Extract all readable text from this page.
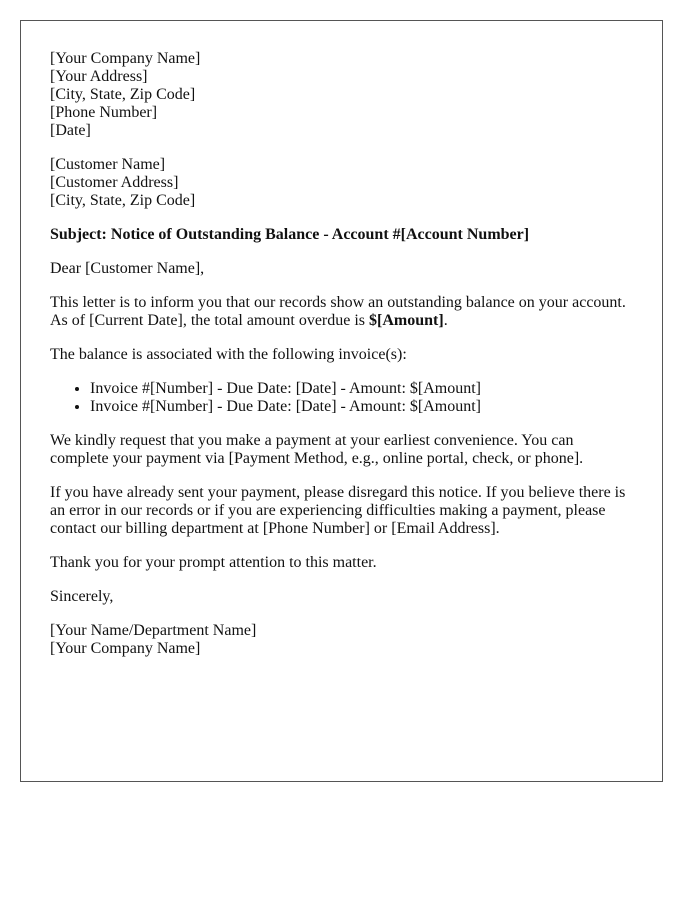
[Your Company Name]
[Your Address]
[City, State, Zip Code]
[Phone Number]
[Date]

[Customer Name]
[Customer Address]
[City, State, Zip Code]

Subject: Notice of Outstanding Balance - Account #[Account Number]

Dear [Customer Name],

This letter is to inform you that our records show an outstanding balance on your account. As of [Current Date], the total amount overdue is $[Amount].

The balance is associated with the following invoice(s):

• Invoice #[Number] - Due Date: [Date] - Amount: $[Amount]
• Invoice #[Number] - Due Date: [Date] - Amount: $[Amount]

We kindly request that you make a payment at your earliest convenience. You can complete your payment via [Payment Method, e.g., online portal, check, or phone].

If you have already sent your payment, please disregard this notice. If you believe there is an error in our records or if you are experiencing difficulties making a payment, please contact our billing department at [Phone Number] or [Email Address].

Thank you for your prompt attention to this matter.

Sincerely,

[Your Name/Department Name]
[Your Company Name]
